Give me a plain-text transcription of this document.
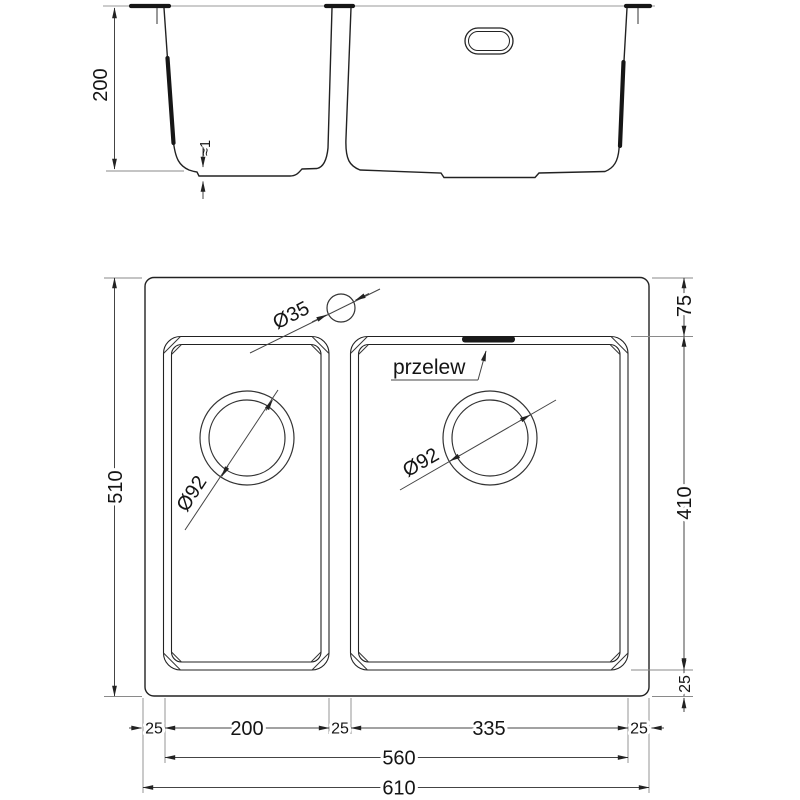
200
≈1
Ø35
Ø92
Ø92
przelew
510
75
410
25
25	200	25	335	25
560
610
